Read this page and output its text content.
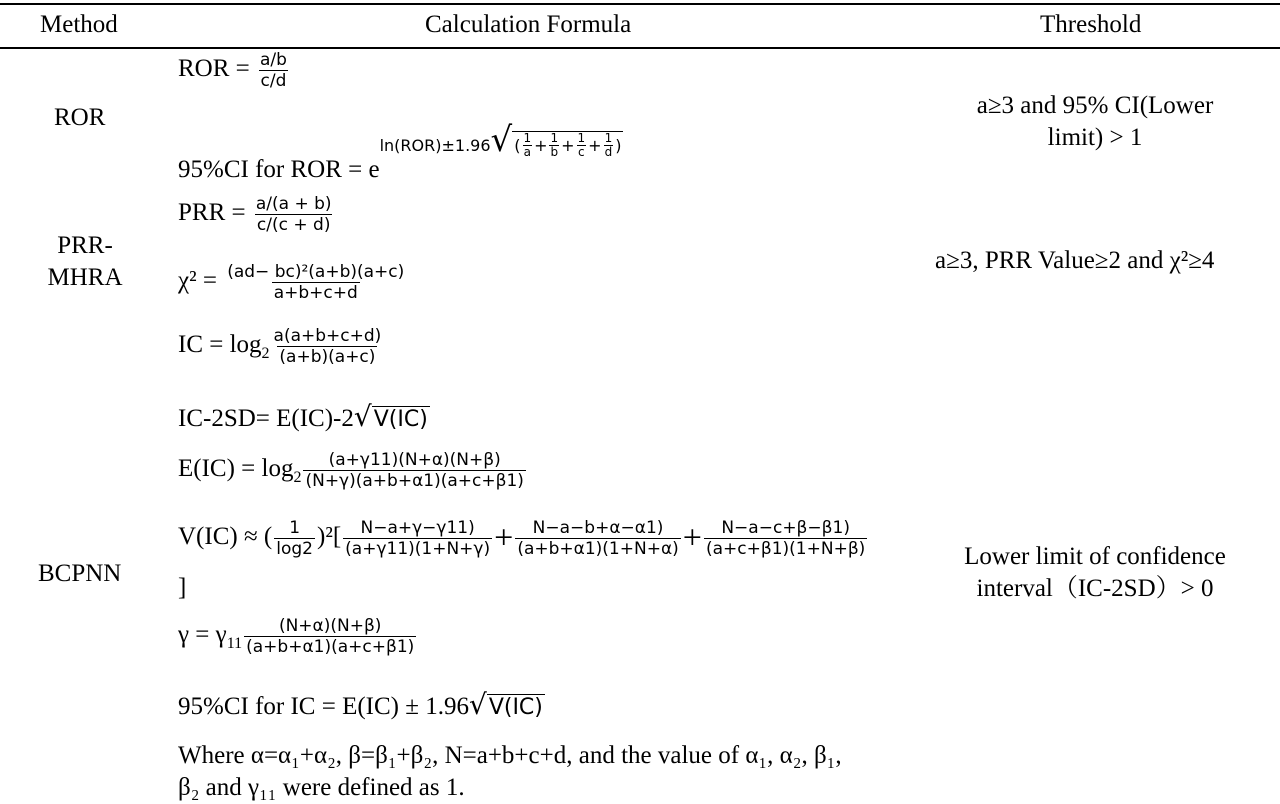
Method	Calculation Formula	Threshold
ROR
ROR = $\frac{a/b}{c/d}$
95%CI for ROR = eln(ROR)±1.96√ ( $\frac{1}{a} + \frac{1}{b} + \frac{1}{c} + \frac{1}{d}$ )
a≥3 and 95% CI(Lower
limit) > 1
PRR-
MHRA
PRR = $\frac{a/(a + b)}{c/(c + d)}$
$\chi^2 = \frac{\text{(ad− bc)²(a+b)(a+c)}}{a+b+c+d}$
a≥3, PRR Value≥2 and χ²≥4
BCPNN
IC = $\log_2 \frac{a(a+b+c+d)}{(a+b)(a+c)}$
IC-2SD= E(IC)-2√V(IC)
$E(IC) = \log_2 \frac{(a+\gamma 11)(N+\alpha)(N+\beta)}{(N+\gamma)(a+b+\alpha 1)(a+c+\beta 1)}$
V(IC) ≈ ( $\frac{1}{\log 2} )^2[ \frac{N-a+\gamma-\gamma 11)}{(a+\gamma 11)(1+N+\gamma)} + \frac{N-a-b+\alpha-\alpha 1)}{(a+b+\alpha 1)(1+N+\alpha)} + \frac{N-a-c+\beta-\beta 1)}{(a+c+\beta 1)(1+N+\beta)}$
]
$\gamma = \gamma_{11} \frac{(N+\alpha)(N+\beta)}{(a+b+\alpha 1)(a+c+\beta 1)}$
95%CI for IC = E(IC) ± 1.96√V(IC)
Where α=α₁+α₂, β=β₁+β₂, N=a+b+c+d, and the value of α₁, α₂, β₁,
β₂ and γ₁₁ were defined as 1.
Lower limit of confidence
interval（IC-2SD）> 0
